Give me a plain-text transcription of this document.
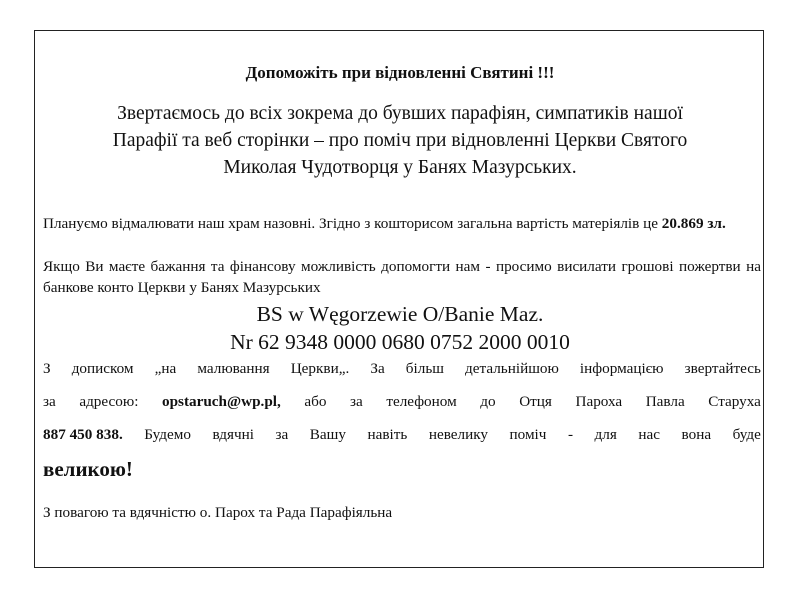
Допоможіть при відновленні Святині !!!
Звертаємось до всіх зокрема до бувших парафіян, симпатиків нашої
Парафії та веб сторінки – про поміч при відновленні Церкви Святого
Миколая Чудотворця у Банях Мазурських.
Плануємо відмалювати наш храм назовні. Згідно з кошторисом загальна вартість матеріялів це 20.869 зл.
Якщо Ви маєте бажання та фінансову можливість допомогти нам - просимо висилати грошові пожертви на банкове конто Церкви у Банях Мазурських
BS w Węgorzewie O/Banie Maz.
Nr 62 9348 0000 0680 0752 2000 0010
З дописком „на малювання Церкви„. За більш детальнійшою інформацією звертайтесь
за адресою: opstaruch@wp.pl, або за телефоном до Отця Пароха Павла Старуха
887 450 838. Будемо вдячні за Вашу навіть невелику поміч - для нас вона буде
великою!
З повагою та вдячністю о. Парох та Рада Парафіяльна
